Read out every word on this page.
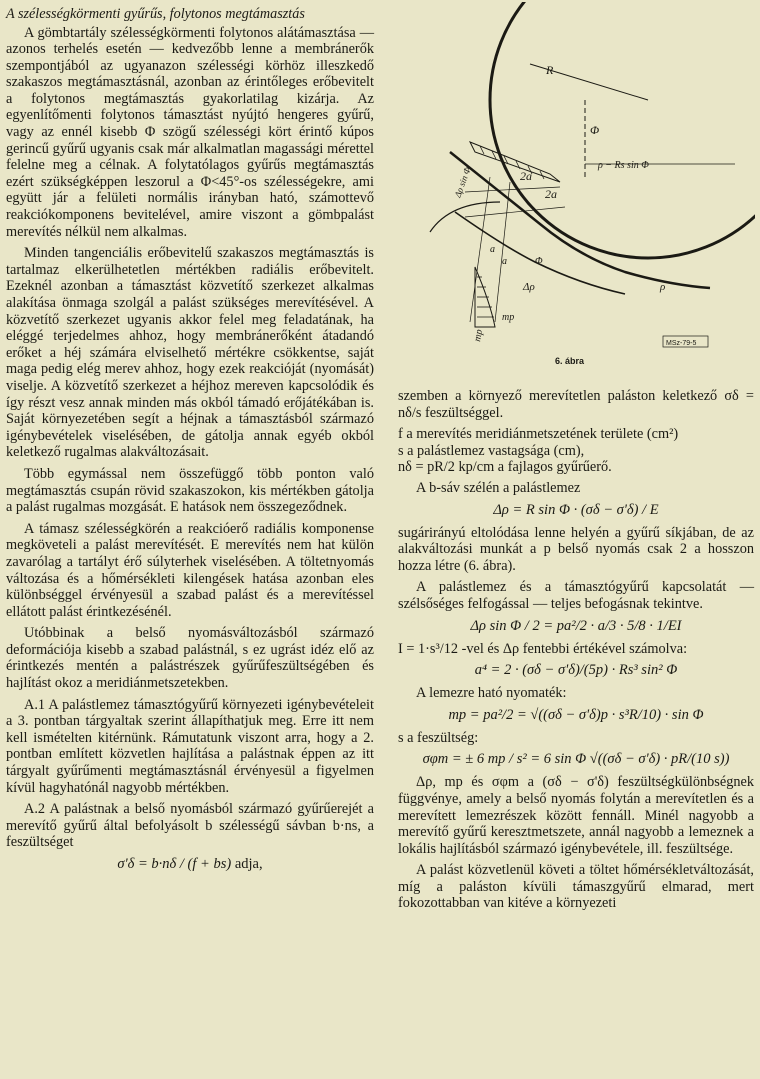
A szélességkörmenti gyűrűs, folytonos megtámasztás

A gömbtartály szélességkörmenti folytonos alátámasztása — azonos terhelés esetén — kedvezőbb lenne a membránerők szempontjából az ugyanazon szélességi körhöz illeszkedő szakaszos megtámasztásnál, azonban az érintőleges erőbevitelt a folytonos megtámasztás gyakorlatilag kizárja. Az egyenlítőmenti folytonos támasztást nyújtó hengeres gyűrű, vagy az ennél kisebb Φ szögű szélességi kört érintő kúpos gerincű gyűrű ugyanis csak már alkalmatlan magassági mérettel felelne meg a célnak. A folytatólagos gyűrűs megtámasztás ezért szükségképpen leszorul a Φ<45°-os szélességekre, ami együtt jár a felületi normális irányban ható, számottevő reakciókomponens bevitelével, amire viszont a gömbpalást merevítés nélkül nem alkalmas.

Minden tangenciális erőbevitelű szakaszos megtámasztás is tartalmaz elkerülhetetlen mértékben radiális erőbevitelt. Ezeknél azonban a támasztást közvetítő szerkezet alkalmas alakítása önmaga szolgál a palást szükséges merevítésével. A közvetítő szerkezet ugyanis akkor felel meg feladatának, ha eléggé terjedelmes ahhoz, hogy membránerőként átadandó erőket a héj számára elviselhető mértékre csökkentse, saját maga pedig elég merev ahhoz, hogy ezek reakcióját (nyomását) viselje. A közvetítő szerkezet a héjhoz mereven kapcsolódik és így részt vesz annak minden más okból támadó erőjátékában is. Saját környezetében segít a héjnak a támasztásból származó igénybevételek viselésében, de gátolja annak egyéb okból keletkező rugalmas alakváltozásait.

Több egymással nem összefüggő több ponton való megtámasztás csupán rövid szakaszokon, kis mértékben gátolja a palást rugalmas mozgását. E hatások nem összegeződnek.

A támasz szélességkörén a reakcióerő radiális komponense megköveteli a palást merevítését. E merevítés nem hat külön zavarólag a tartályt érő súlyterhek viselésében. A töltetnyomás változása és a hőmérsékleti kilengések hatása azonban eles különbséggel érvényesül a szabad palást és a merevítéssel ellátott palást érintkezésénél.

Utóbbinak a belső nyomásváltozásból származó deformációja kisebb a szabad palástnál, s ez ugrást idéz elő az érintkezés mentén a palástrészek gyűrűfeszültségében és hajlítást okoz a meridiánmetszetekben.

A.1 A palástlemez támasztógyűrű környezeti igénybevételeit a 3. pontban tárgyaltak szerint állapíthatjuk meg. Erre itt nem kell ismételten kitérnünk. Rámutatunk viszont arra, hogy a 2. pontban említett közvetlen hajlítása a palástnak éppen az itt tárgyalt gyűrűmenti megtámasztásnál érvényesül a figyelmen kívül hagyhatónál nagyobb mértékben.

A.2 A palástnak a belső nyomásból származó gyűrűerejét a merevítő gyűrű által befolyásolt b szélességű sávban b·ns, a feszültséget

σ'δ = b·nδ / (f + bs) adja,
R
Φ
ρ − Rs sin Φ
2a
2a
Δρ sin Φ
Δρ
a
a
ρ
mp
mp
Φ
MSz-79-5
6. ábra

szemben a környező merevítetlen paláston keletkező σδ = nδ/s feszültséggel.

f a merevítés meridiánmetszetének területe (cm²)

s a palástlemez vastagsága (cm),

nδ = pR/2 kp/cm a fajlagos gyűrűerő.

A b-sáv szélén a palástlemez

Δρ = R sin Φ · (σδ − σ'δ) / E

sugárirányú eltolódása lenne helyén a gyűrű síkjában, de az alakváltozási munkát a p belső nyomás csak 2 a hosszon hozza létre (6. ábra).

A palástlemez és a támasztógyűrű kapcsolatát — szélsőséges felfogással — teljes befogásnak tekintve.

Δρ sin Φ / 2 = pa²/2 · a/3 · 5/8 · 1/EI

I = 1·s³/12 -vel és Δρ fentebbi értékével számolva:

a⁴ = 2 · (σδ − σ'δ)/(5p) · Rs³ sin² Φ

A lemezre ható nyomaték:

mp = pa²/2 = √((σδ − σ'δ)p · s³R/10) · sin Φ

s a feszültség:

σφm = ± 6 mp / s² = 6 sin Φ √((σδ − σ'δ) · pR/(10 s))

Δρ, mp és σφm a (σδ − σ'δ) feszültségkülönbségnek függvénye, amely a belső nyomás folytán a merevítetlen és a merevített lemezrészek között fennáll. Minél nagyobb a merevítő gyűrű keresztmetszete, annál nagyobb a lemeznek a lokális hajlításból származó igénybevétele, ill. feszültsége.

A palást közvetlenül követi a töltet hőmérsékletváltozását, míg a paláston kívüli támaszgyűrű elmarad, mert fokozottabban van kitéve a környezeti
